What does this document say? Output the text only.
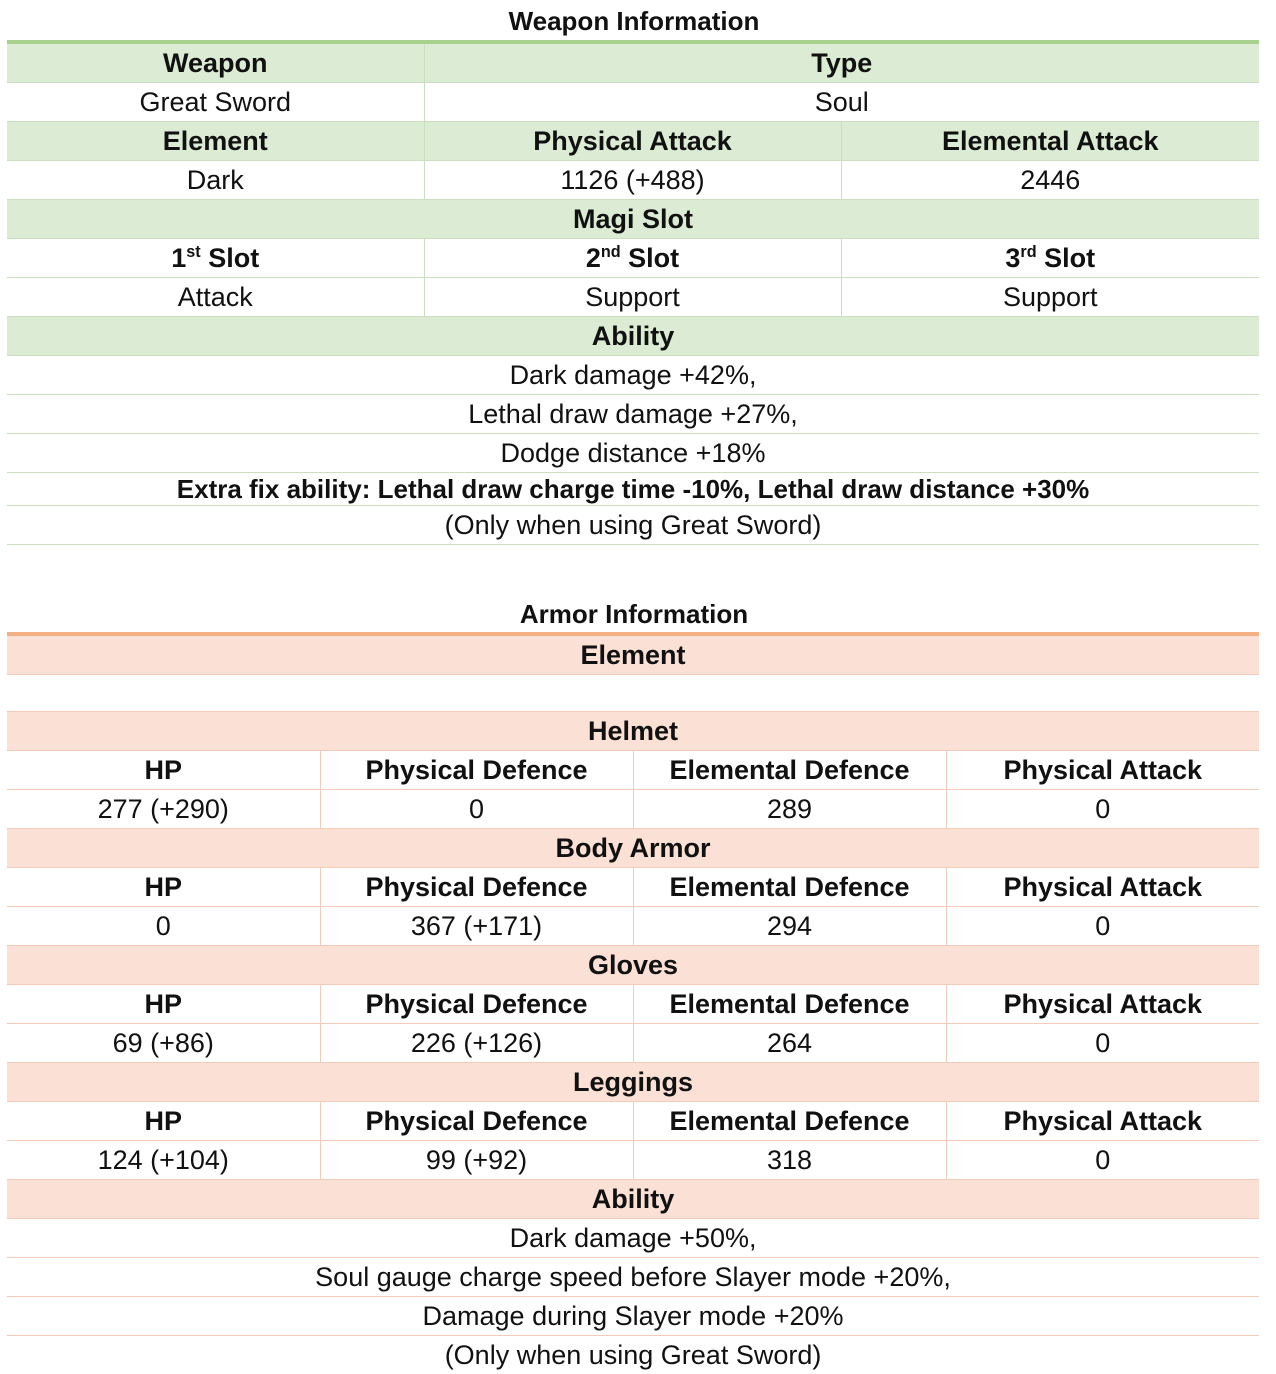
Weapon Information
Weapon	Type	
Great Sword	Soul	
Element	Physical Attack	Elemental Attack
Dark	1126 (+488)	2446
Magi Slot		
1st Slot	2nd Slot	3rd Slot
Attack	Support	Support
Ability		
Dark damage +42%,		
Lethal draw damage +27%,		
Dodge distance +18%		
Extra fix ability: Lethal draw charge time -10%, Lethal draw distance +30%		
(Only when using Great Sword)		
Armor Information
Element			

Helmet			
HP	Physical Defence	Elemental Defence	Physical Attack
277 (+290)	0	289	0
Body Armor			
HP	Physical Defence	Elemental Defence	Physical Attack
0	367 (+171)	294	0
Gloves			
HP	Physical Defence	Elemental Defence	Physical Attack
69 (+86)	226 (+126)	264	0
Leggings			
HP	Physical Defence	Elemental Defence	Physical Attack
124 (+104)	99 (+92)	318	0
Ability			
Dark damage +50%,			
Soul gauge charge speed before Slayer mode +20%,			
Damage during Slayer mode +20%			
(Only when using Great Sword)			
